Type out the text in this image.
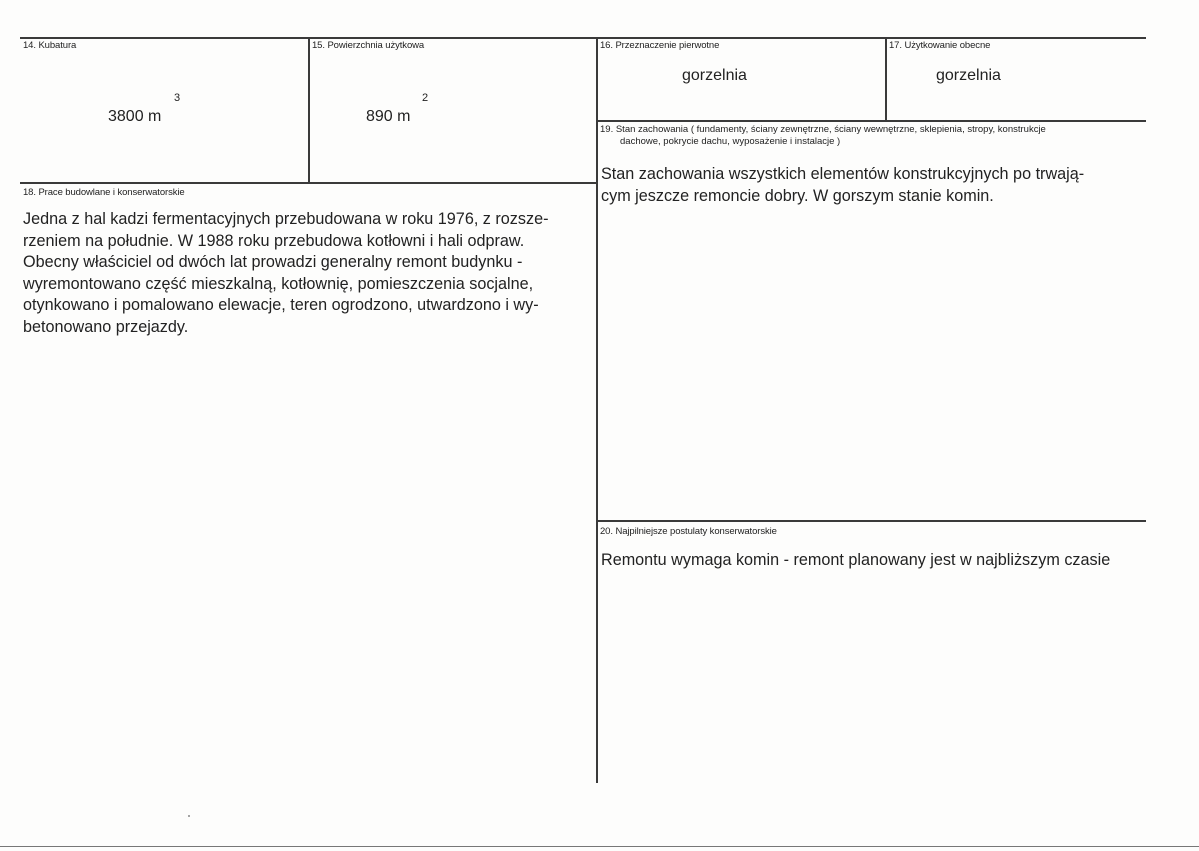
14. Kubatura
3800 m
3
15. Powierzchnia użytkowa
890 m
2
16. Przeznaczenie pierwotne
gorzelnia
17. Użytkowanie obecne
gorzelnia
18. Prace budowlane i konserwatorskie
Jedna z hal kadzi fermentacyjnych przebudowana w roku 1976, z rozsze-
rzeniem na południe. W 1988 roku przebudowa kotłowni i hali odpraw.
Obecny właściciel od dwóch lat prowadzi generalny remont budynku -
wyremontowano część mieszkalną, kotłownię, pomieszczenia socjalne,
otynkowano i pomalowano elewacje, teren ogrodzono, utwardzono i wy-
betonowano przejazdy.
19. Stan zachowania ( fundamenty, ściany zewnętrzne, ściany wewnętrzne, sklepienia, stropy, konstrukcje
dachowe, pokrycie dachu, wyposażenie i instalacje )
Stan zachowania wszystkich elementów konstrukcyjnych po trwają-
cym jeszcze remoncie dobry. W gorszym stanie komin.
20. Najpilniejsze postulaty konserwatorskie
Remontu wymaga komin - remont planowany jest w najbliższym czasie
